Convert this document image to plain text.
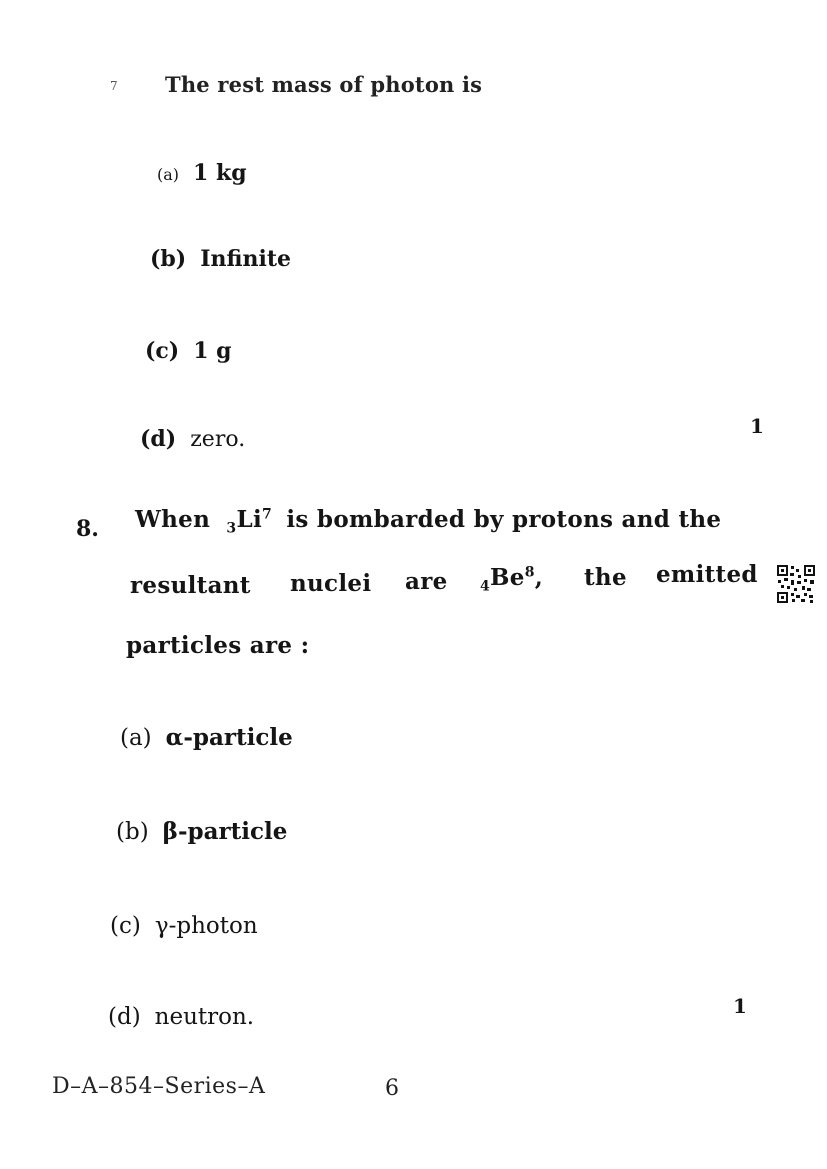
7 The rest mass of photon is
(a) 1 kg
(b) Infinite
(c) 1 g
(d) zero.
1
8. When $_3Li^7$ is bombarded by protons and the
resultant nuclei are $_4Be^8$, the emitted
particles are :
(a) α-particle
(b) β-particle
(c) γ-photon
(d) neutron.	1
D–A–854–Series–A	6
